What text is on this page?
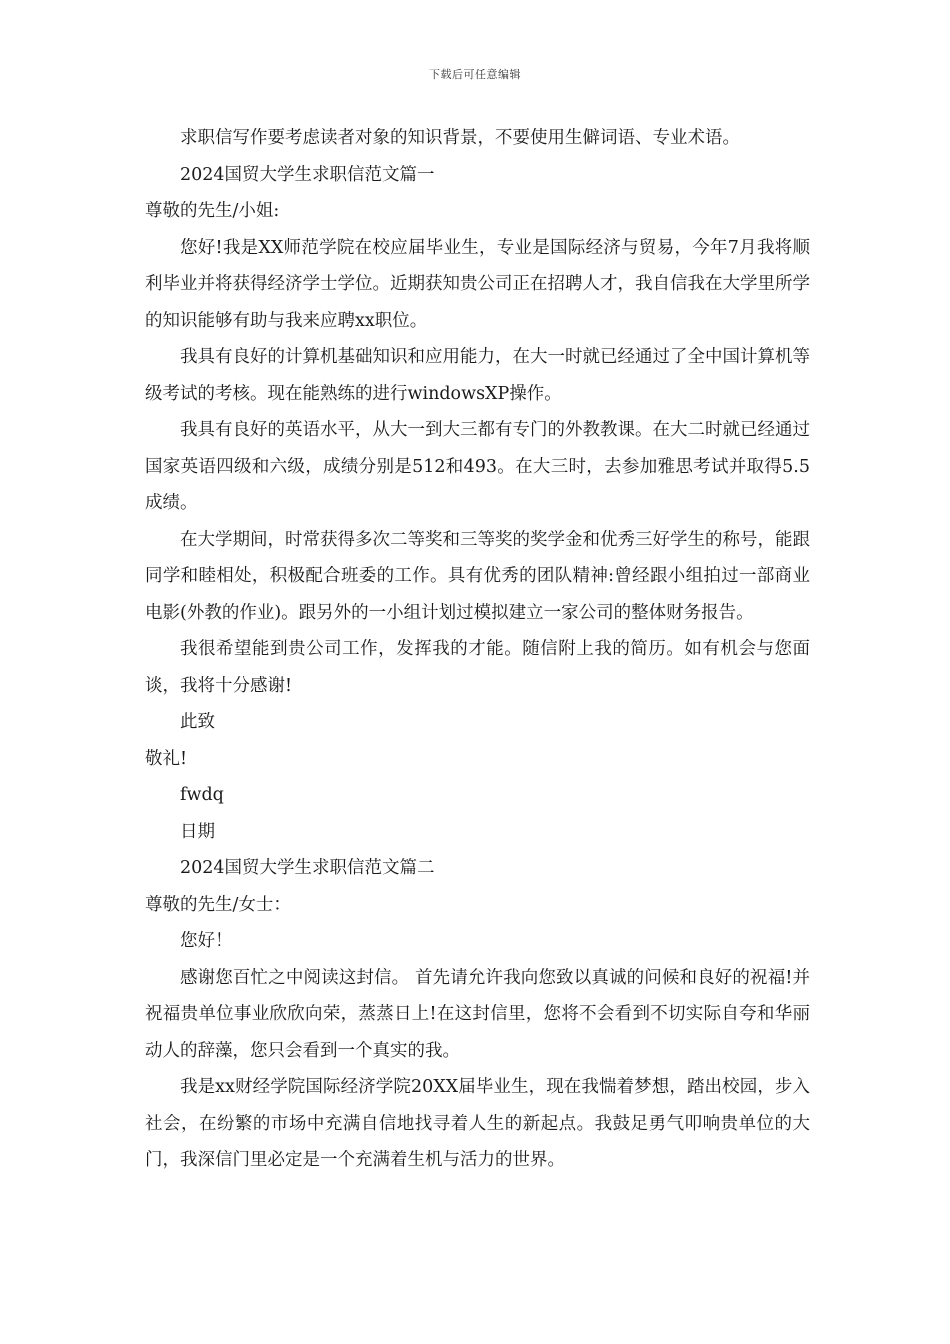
下载后可任意编辑

求职信写作要考虑读者对象的知识背景，不要使用生僻词语、专业术语。

2024国贸大学生求职信范文篇一

尊敬的先生/小姐:

您好!我是XX师范学院在校应届毕业生，专业是国际经济与贸易，今年7月我将顺利毕业并将获得经济学士学位。近期获知贵公司正在招聘人才，我自信我在大学里所学的知识能够有助与我来应聘xx职位。

我具有良好的计算机基础知识和应用能力，在大一时就已经通过了全中国计算机等级考试的考核。现在能熟练的进行windowsXP操作。

我具有良好的英语水平，从大一到大三都有专门的外教教课。在大二时就已经通过国家英语四级和六级，成绩分别是512和493。在大三时，去参加雅思考试并取得5.5成绩。

在大学期间，时常获得多次二等奖和三等奖的奖学金和优秀三好学生的称号，能跟同学和睦相处，积极配合班委的工作。具有优秀的团队精神:曾经跟小组拍过一部商业电影(外教的作业)。跟另外的一小组计划过模拟建立一家公司的整体财务报告。

我很希望能到贵公司工作，发挥我的才能。随信附上我的简历。如有机会与您面谈，我将十分感谢!

此致

敬礼!

fwdq

日期

2024国贸大学生求职信范文篇二

尊敬的先生/女士：

您好！

感谢您百忙之中阅读这封信。 首先请允许我向您致以真诚的问候和良好的祝福!并祝福贵单位事业欣欣向荣，蒸蒸日上!在这封信里，您将不会看到不切实际自夸和华丽动人的辞藻，您只会看到一个真实的我。

我是xx财经学院国际经济学院20XX届毕业生，现在我惴着梦想，踏出校园，步入社会，在纷繁的市场中充满自信地找寻着人生的新起点。我鼓足勇气叩响贵单位的大门，我深信门里必定是一个充满着生机与活力的世界。
